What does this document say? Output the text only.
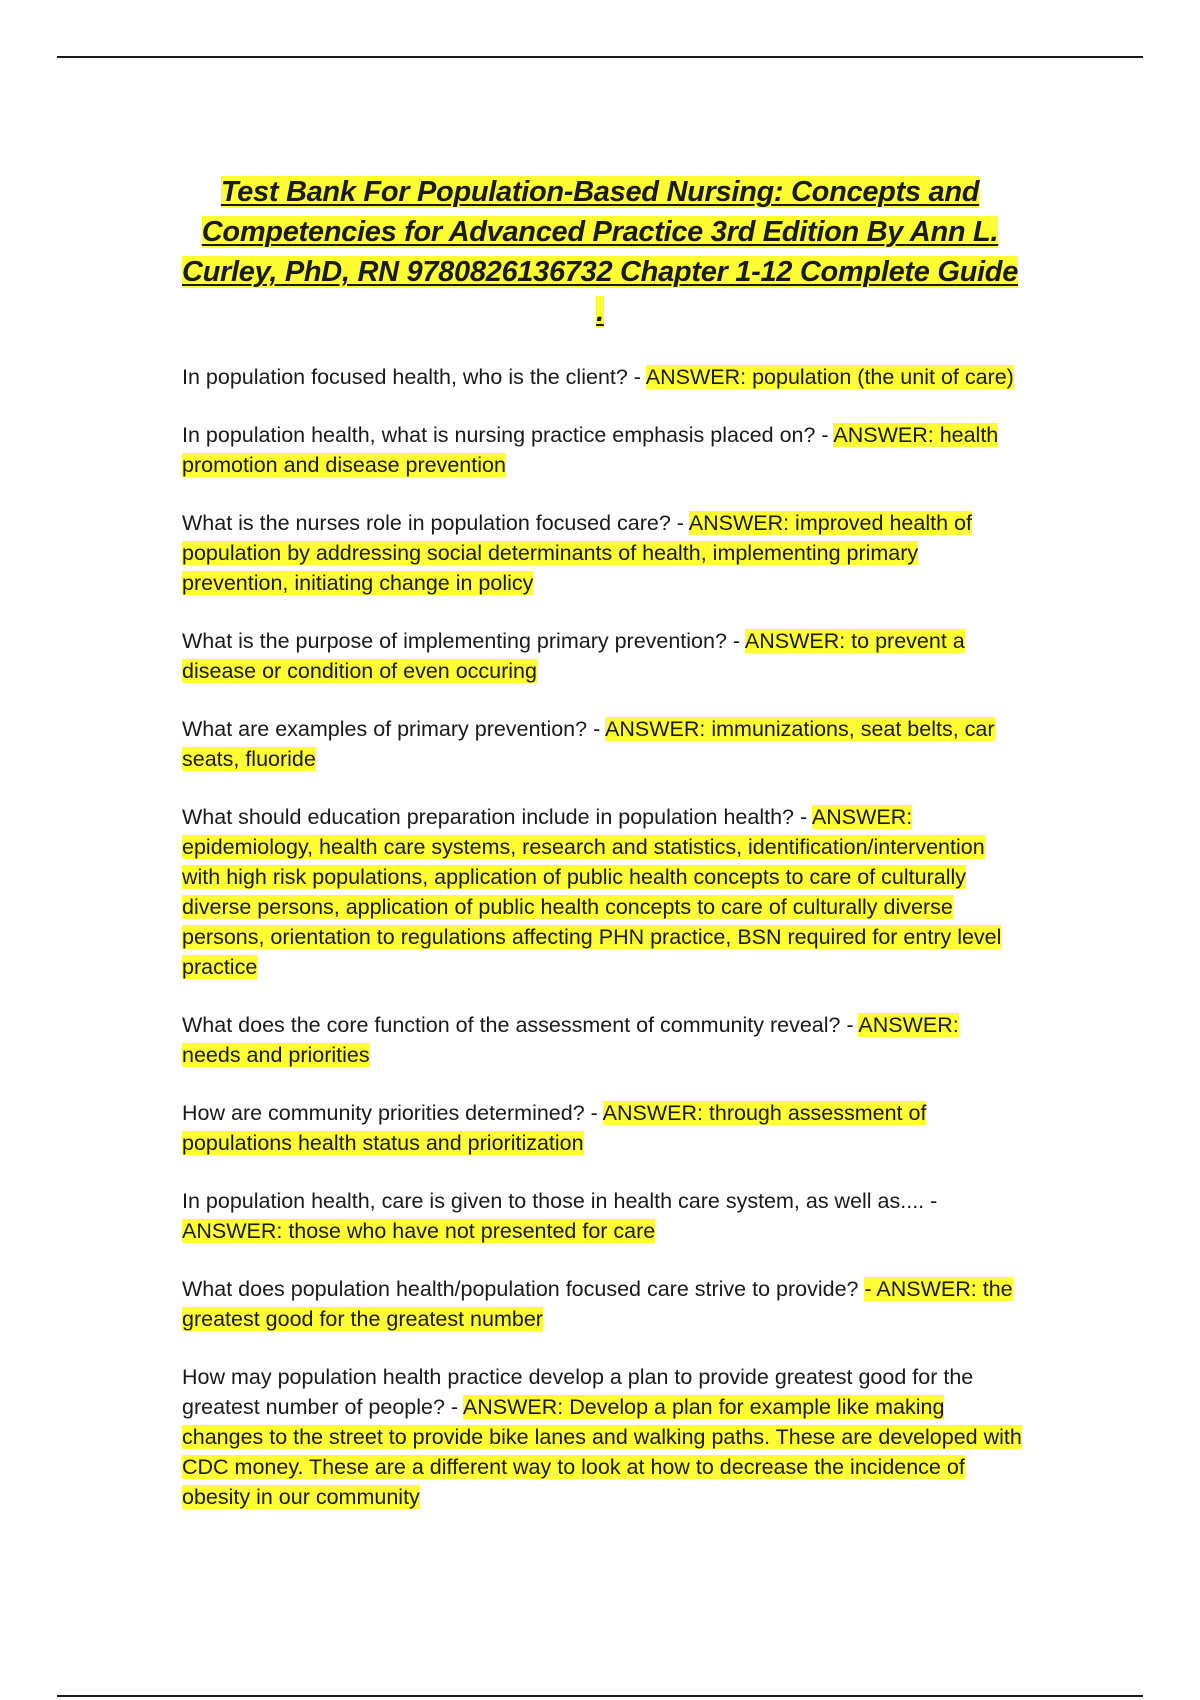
Test Bank For Population-Based Nursing: Concepts and Competencies for Advanced Practice 3rd Edition By Ann L. Curley, PhD, RN 9780826136732 Chapter 1-12 Complete Guide .

In population focused health, who is the client? - ANSWER: population (the unit of care)

In population health, what is nursing practice emphasis placed on? - ANSWER: health promotion and disease prevention

What is the nurses role in population focused care? - ANSWER: improved health of population by addressing social determinants of health, implementing primary prevention, initiating change in policy

What is the purpose of implementing primary prevention? - ANSWER: to prevent a disease or condition of even occuring

What are examples of primary prevention? - ANSWER: immunizations, seat belts, car seats, fluoride

What should education preparation include in population health? - ANSWER: epidemiology, health care systems, research and statistics, identification/intervention with high risk populations, application of public health concepts to care of culturally diverse persons, application of public health concepts to care of culturally diverse persons, orientation to regulations affecting PHN practice, BSN required for entry level practice

What does the core function of the assessment of community reveal? - ANSWER: needs and priorities

How are community priorities determined? - ANSWER: through assessment of populations health status and prioritization

In population health, care is given to those in health care system, as well as.... - ANSWER: those who have not presented for care

What does population health/population focused care strive to provide? - ANSWER: the greatest good for the greatest number

How may population health practice develop a plan to provide greatest good for the greatest number of people? - ANSWER: Develop a plan for example like making changes to the street to provide bike lanes and walking paths. These are developed with CDC money. These are a different way to look at how to decrease the incidence of obesity in our community
